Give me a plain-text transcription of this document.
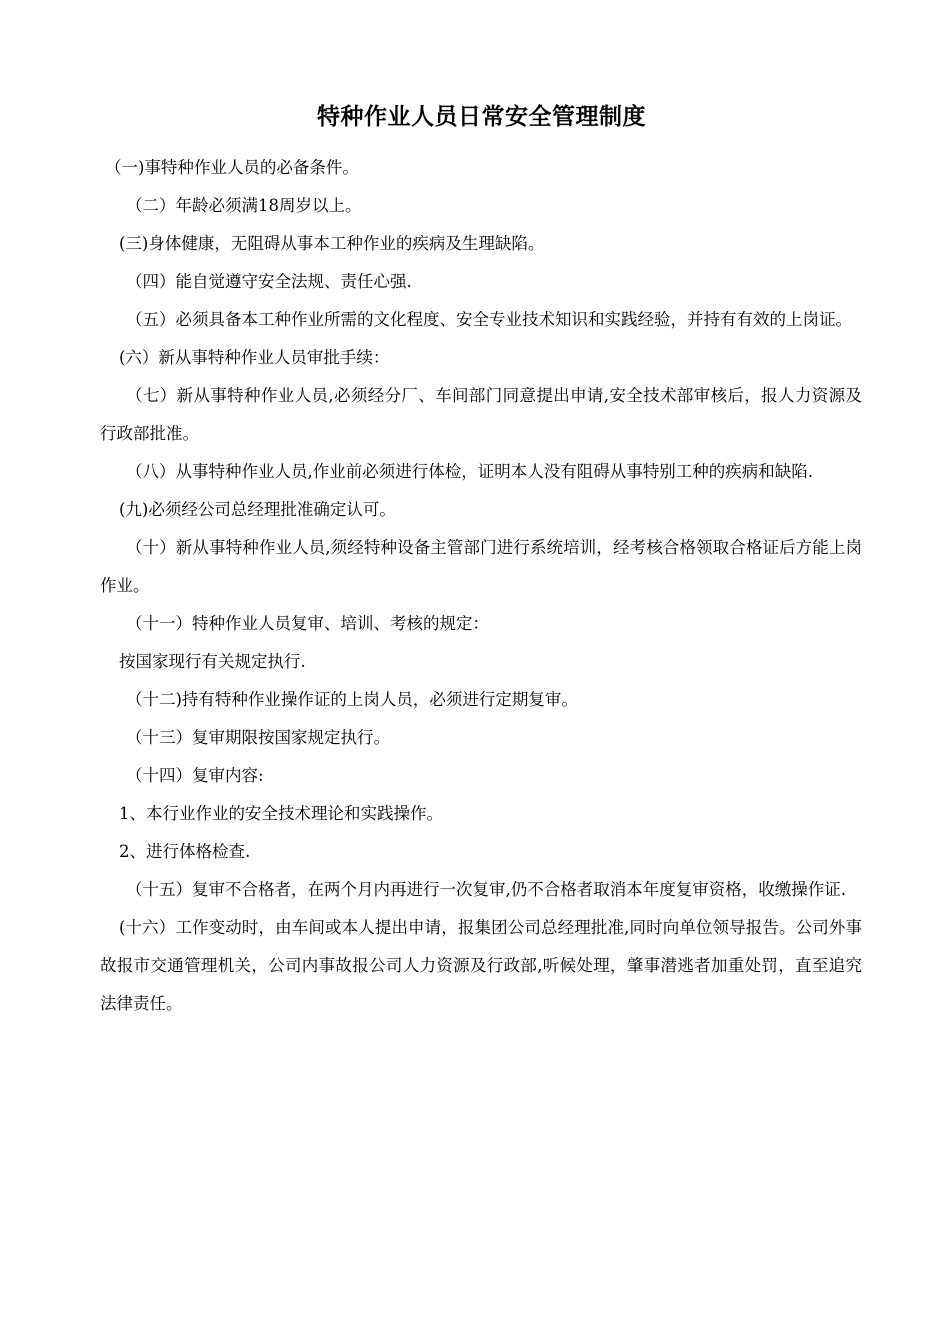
特种作业人员日常安全管理制度

（一)事特种作业人员的必备条件。

（二）年龄必须满18周岁以上。

(三)身体健康，无阻碍从事本工种作业的疾病及生理缺陷。

（四）能自觉遵守安全法规、责任心强.

（五）必须具备本工种作业所需的文化程度、安全专业技术知识和实践经验，并持有有效的上岗证。

(六）新从事特种作业人员审批手续：

（七）新从事特种作业人员,必须经分厂、车间部门同意提出申请,安全技术部审核后，报人力资源及行政部批准。

（八）从事特种作业人员,作业前必须进行体检，证明本人没有阻碍从事特别工种的疾病和缺陷.

(九)必须经公司总经理批准确定认可。

（十）新从事特种作业人员,须经特种设备主管部门进行系统培训，经考核合格领取合格证后方能上岗作业。

（十一）特种作业人员复审、培训、考核的规定：

按国家现行有关规定执行.

（十二)持有特种作业操作证的上岗人员，必须进行定期复审。

（十三）复审期限按国家规定执行。

（十四）复审内容:

1、本行业作业的安全技术理论和实践操作。

2、进行体格检查.

（十五）复审不合格者，在两个月内再进行一次复审,仍不合格者取消本年度复审资格，收缴操作证.

(十六）工作变动时，由车间或本人提出申请，报集团公司总经理批准,同时向单位领导报告。公司外事故报市交通管理机关，公司内事故报公司人力资源及行政部,听候处理，肇事潜逃者加重处罚，直至追究法律责任。
